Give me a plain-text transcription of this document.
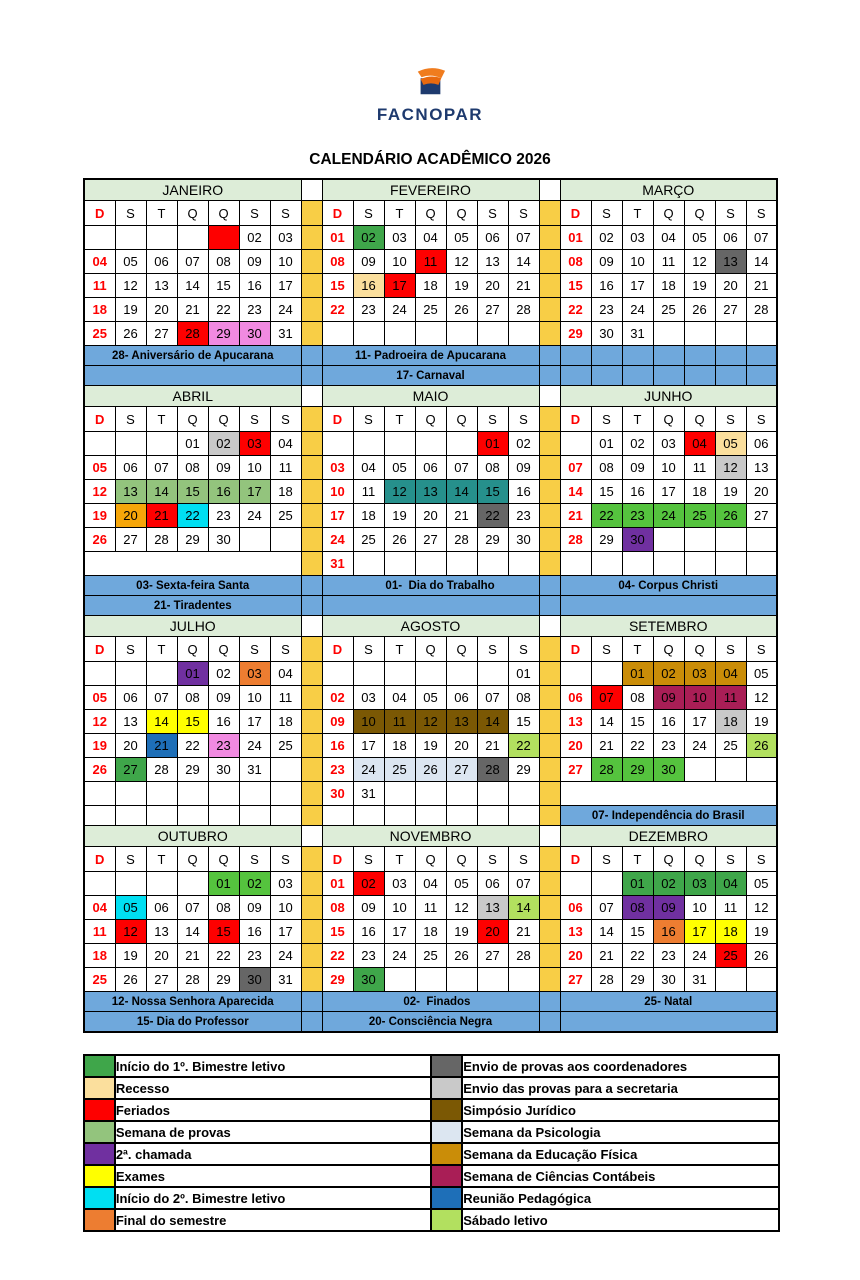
FACNOPAR
CALENDÁRIO ACADÊMICO 2026
JANEIRO								FEVEREIRO								MARÇO						
D	S	T	Q	Q	S	S		D	S	T	Q	Q	S	S		D	S	T	Q	Q	S	S
					02	03		01	02	03	04	05	06	07		01	02	03	04	05	06	07
04	05	06	07	08	09	10		08	09	10	11	12	13	14		08	09	10	11	12	13	14
11	12	13	14	15	16	17		15	16	17	18	19	20	21		15	16	17	18	19	20	21
18	19	20	21	22	23	24		22	23	24	25	26	27	28		22	23	24	25	26	27	28
25	26	27	28	29	30	31										29	30	31				
28- Aniversário de Apucarana								11- Padroeira de Apucarana														
								17- Carnaval														
ABRIL								MAIO								JUNHO						
D	S	T	Q	Q	S	S		D	S	T	Q	Q	S	S		D	S	T	Q	Q	S	S
			01	02	03	04							01	02			01	02	03	04	05	06
05	06	07	08	09	10	11		03	04	05	06	07	08	09		07	08	09	10	11	12	13
12	13	14	15	16	17	18		10	11	12	13	14	15	16		14	15	16	17	18	19	20
19	20	21	22	23	24	25		17	18	19	20	21	22	23		21	22	23	24	25	26	27
26	27	28	29	30				24	25	26	27	28	29	30		28	29	30				
								31														
03- Sexta-feira Santa								01-  Dia do Trabalho								04- Corpus Christi						
21- Tiradentes																						
JULHO								AGOSTO								SETEMBRO						
D	S	T	Q	Q	S	S		D	S	T	Q	Q	S	S		D	S	T	Q	Q	S	S
			01	02	03	04								01				01	02	03	04	05
05	06	07	08	09	10	11		02	03	04	05	06	07	08		06	07	08	09	10	11	12
12	13	14	15	16	17	18		09	10	11	12	13	14	15		13	14	15	16	17	18	19
19	20	21	22	23	24	25		16	17	18	19	20	21	22		20	21	22	23	24	25	26
26	27	28	29	30	31			23	24	25	26	27	28	29		27	28	29	30			
								30	31													
																07- Independência do Brasil						
OUTUBRO								NOVEMBRO								DEZEMBRO						
D	S	T	Q	Q	S	S		D	S	T	Q	Q	S	S		D	S	T	Q	Q	S	S
				01	02	03		01	02	03	04	05	06	07				01	02	03	04	05
04	05	06	07	08	09	10		08	09	10	11	12	13	14		06	07	08	09	10	11	12
11	12	13	14	15	16	17		15	16	17	18	19	20	21		13	14	15	16	17	18	19
18	19	20	21	22	23	24		22	23	24	25	26	27	28		20	21	22	23	24	25	26
25	26	27	28	29	30	31		29	30							27	28	29	30	31		
12- Nossa Senhora Aparecida								02-  Finados								25- Natal						
15- Dia do Professor								20- Consciência Negra														
	Início do 1º. Bimestre letivo		Envio de provas aos coordenadores
	Recesso		Envio das provas para a secretaria
	Feriados		Simpósio Jurídico
	Semana de provas		Semana da Psicologia
	2ª. chamada		Semana da Educação Física
	Exames		Semana de Ciências Contábeis
	Início do 2º. Bimestre letivo		Reunião Pedagógica
	Final do semestre		Sábado letivo
